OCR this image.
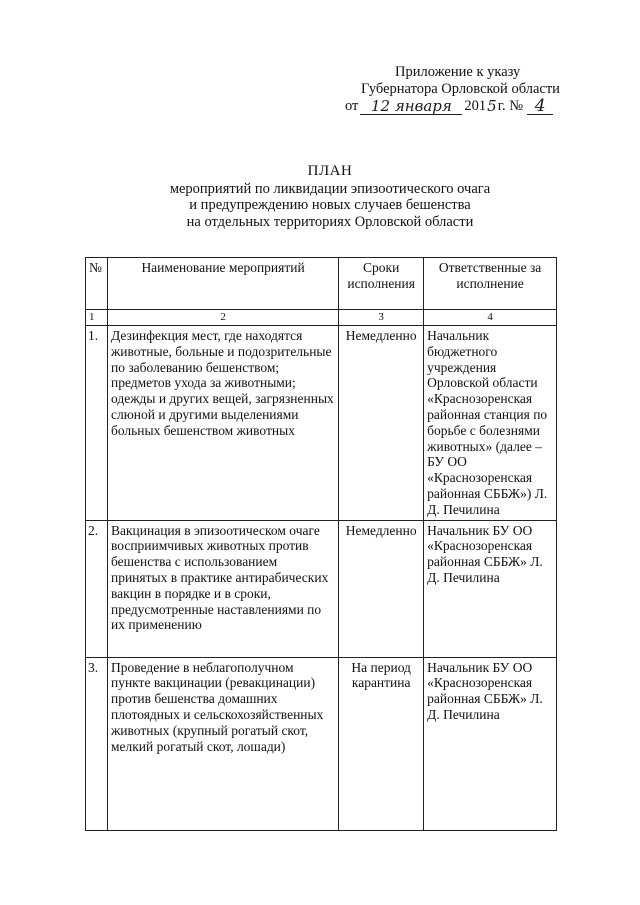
Приложение к указу
Губернатора Орловской области
от 12 января 201 5 г. № 4
ПЛАН
мероприятий по ликвидации эпизоотического очага
и предупреждению новых случаев бешенства
на отдельных территориях Орловской области
№	Наименование мероприятий	Сроки исполнения	Ответственные за исполнение
1	2	3	4
1.	Дезинфекция мест, где находятся животные, больные и подозрительные по заболеванию бешенством; предметов ухода за животными; одежды и других вещей, загрязненных слюной и другими выделениями больных бешенством животных	Немедленно	Начальник бюджетного учреждения Орловской области «Краснозоренская районная станция по борьбе с болезнями животных» (далее – БУ ОО «Краснозоренская районная СББЖ») Л. Д. Печилина
2.	Вакцинация в эпизоотическом очаге восприимчивых животных против бешенства с использованием принятых в практике антирабических вакцин в порядке и в сроки, предусмотренные наставлениями по их применению	Немедленно	Начальник БУ ОО «Краснозоренская районная СББЖ» Л. Д. Печилина
3.	Проведение в неблагополучном пункте вакцинации (ревакцинации) против бешенства домашних плотоядных и сельскохозяйственных животных (крупный рогатый скот, мелкий рогатый скот, лошади)	На период карантина	Начальник БУ ОО «Краснозоренская районная СББЖ» Л. Д. Печилина
